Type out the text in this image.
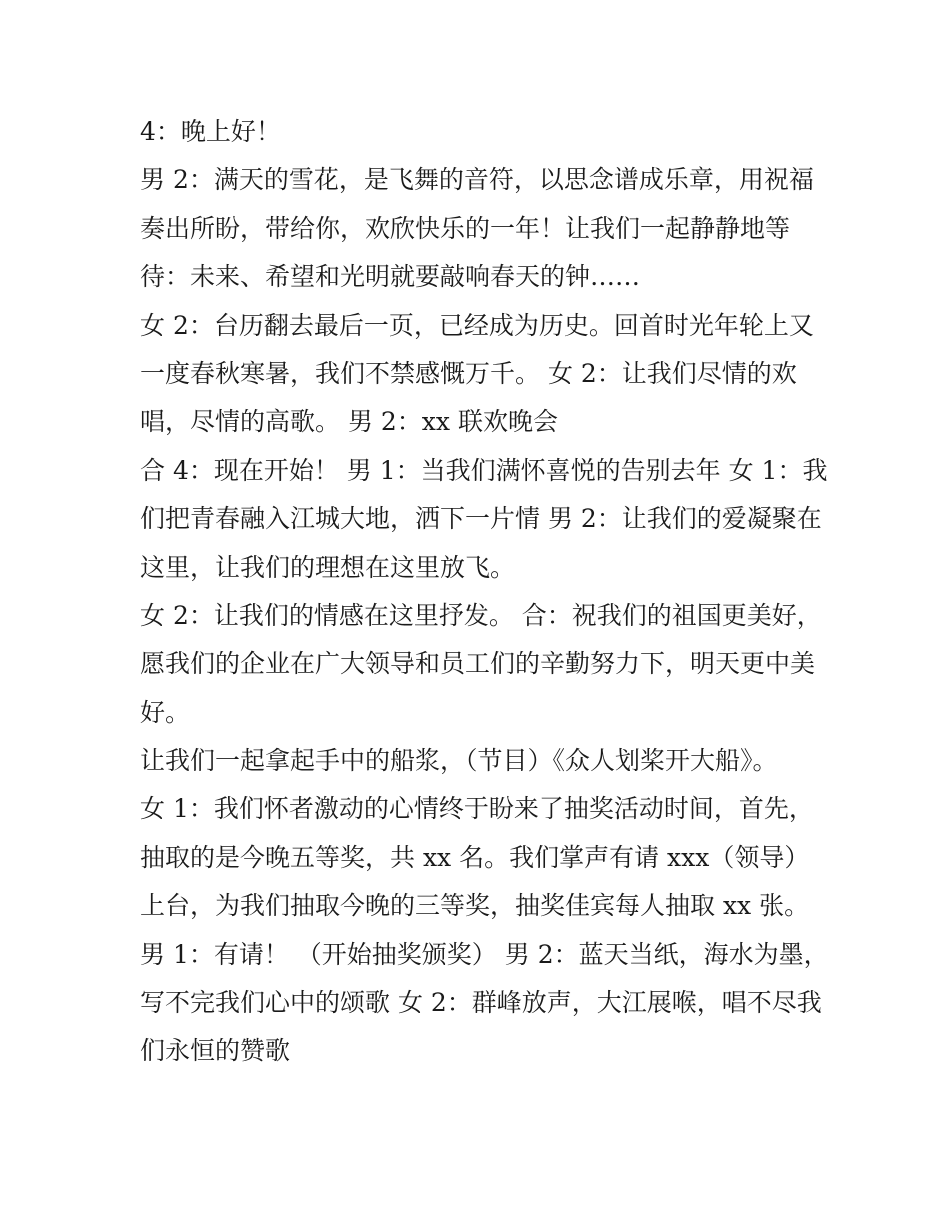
4：晚上好！
男 2：满天的雪花，是飞舞的音符，以思念谱成乐章，用祝福
奏出所盼，带给你，欢欣快乐的一年！让我们一起静静地等
待：未来、希望和光明就要敲响春天的钟……
女 2：台历翻去最后一页，已经成为历史。回首时光年轮上又
一度春秋寒暑，我们不禁感慨万千。 女 2：让我们尽情的欢
唱，尽情的高歌。 男 2：xx 联欢晚会
合 4：现在开始！ 男 1：当我们满怀喜悦的告别去年 女 1：我
们把青春融入江城大地，洒下一片情 男 2：让我们的爱凝聚在
这里，让我们的理想在这里放飞。
女 2：让我们的情感在这里抒发。 合：祝我们的祖国更美好，
愿我们的企业在广大领导和员工们的辛勤努力下，明天更中美
好。
让我们一起拿起手中的船浆，（节目）《众人划桨开大船》。
女 1：我们怀者激动的心情终于盼来了抽奖活动时间，首先，
抽取的是今晚五等奖，共 xx 名。我们掌声有请 xxx（领导）
上台，为我们抽取今晚的三等奖，抽奖佳宾每人抽取 xx 张。
男 1：有请！ （开始抽奖颁奖） 男 2：蓝天当纸，海水为墨，
写不完我们心中的颂歌 女 2：群峰放声，大江展喉，唱不尽我
们永恒的赞歌
